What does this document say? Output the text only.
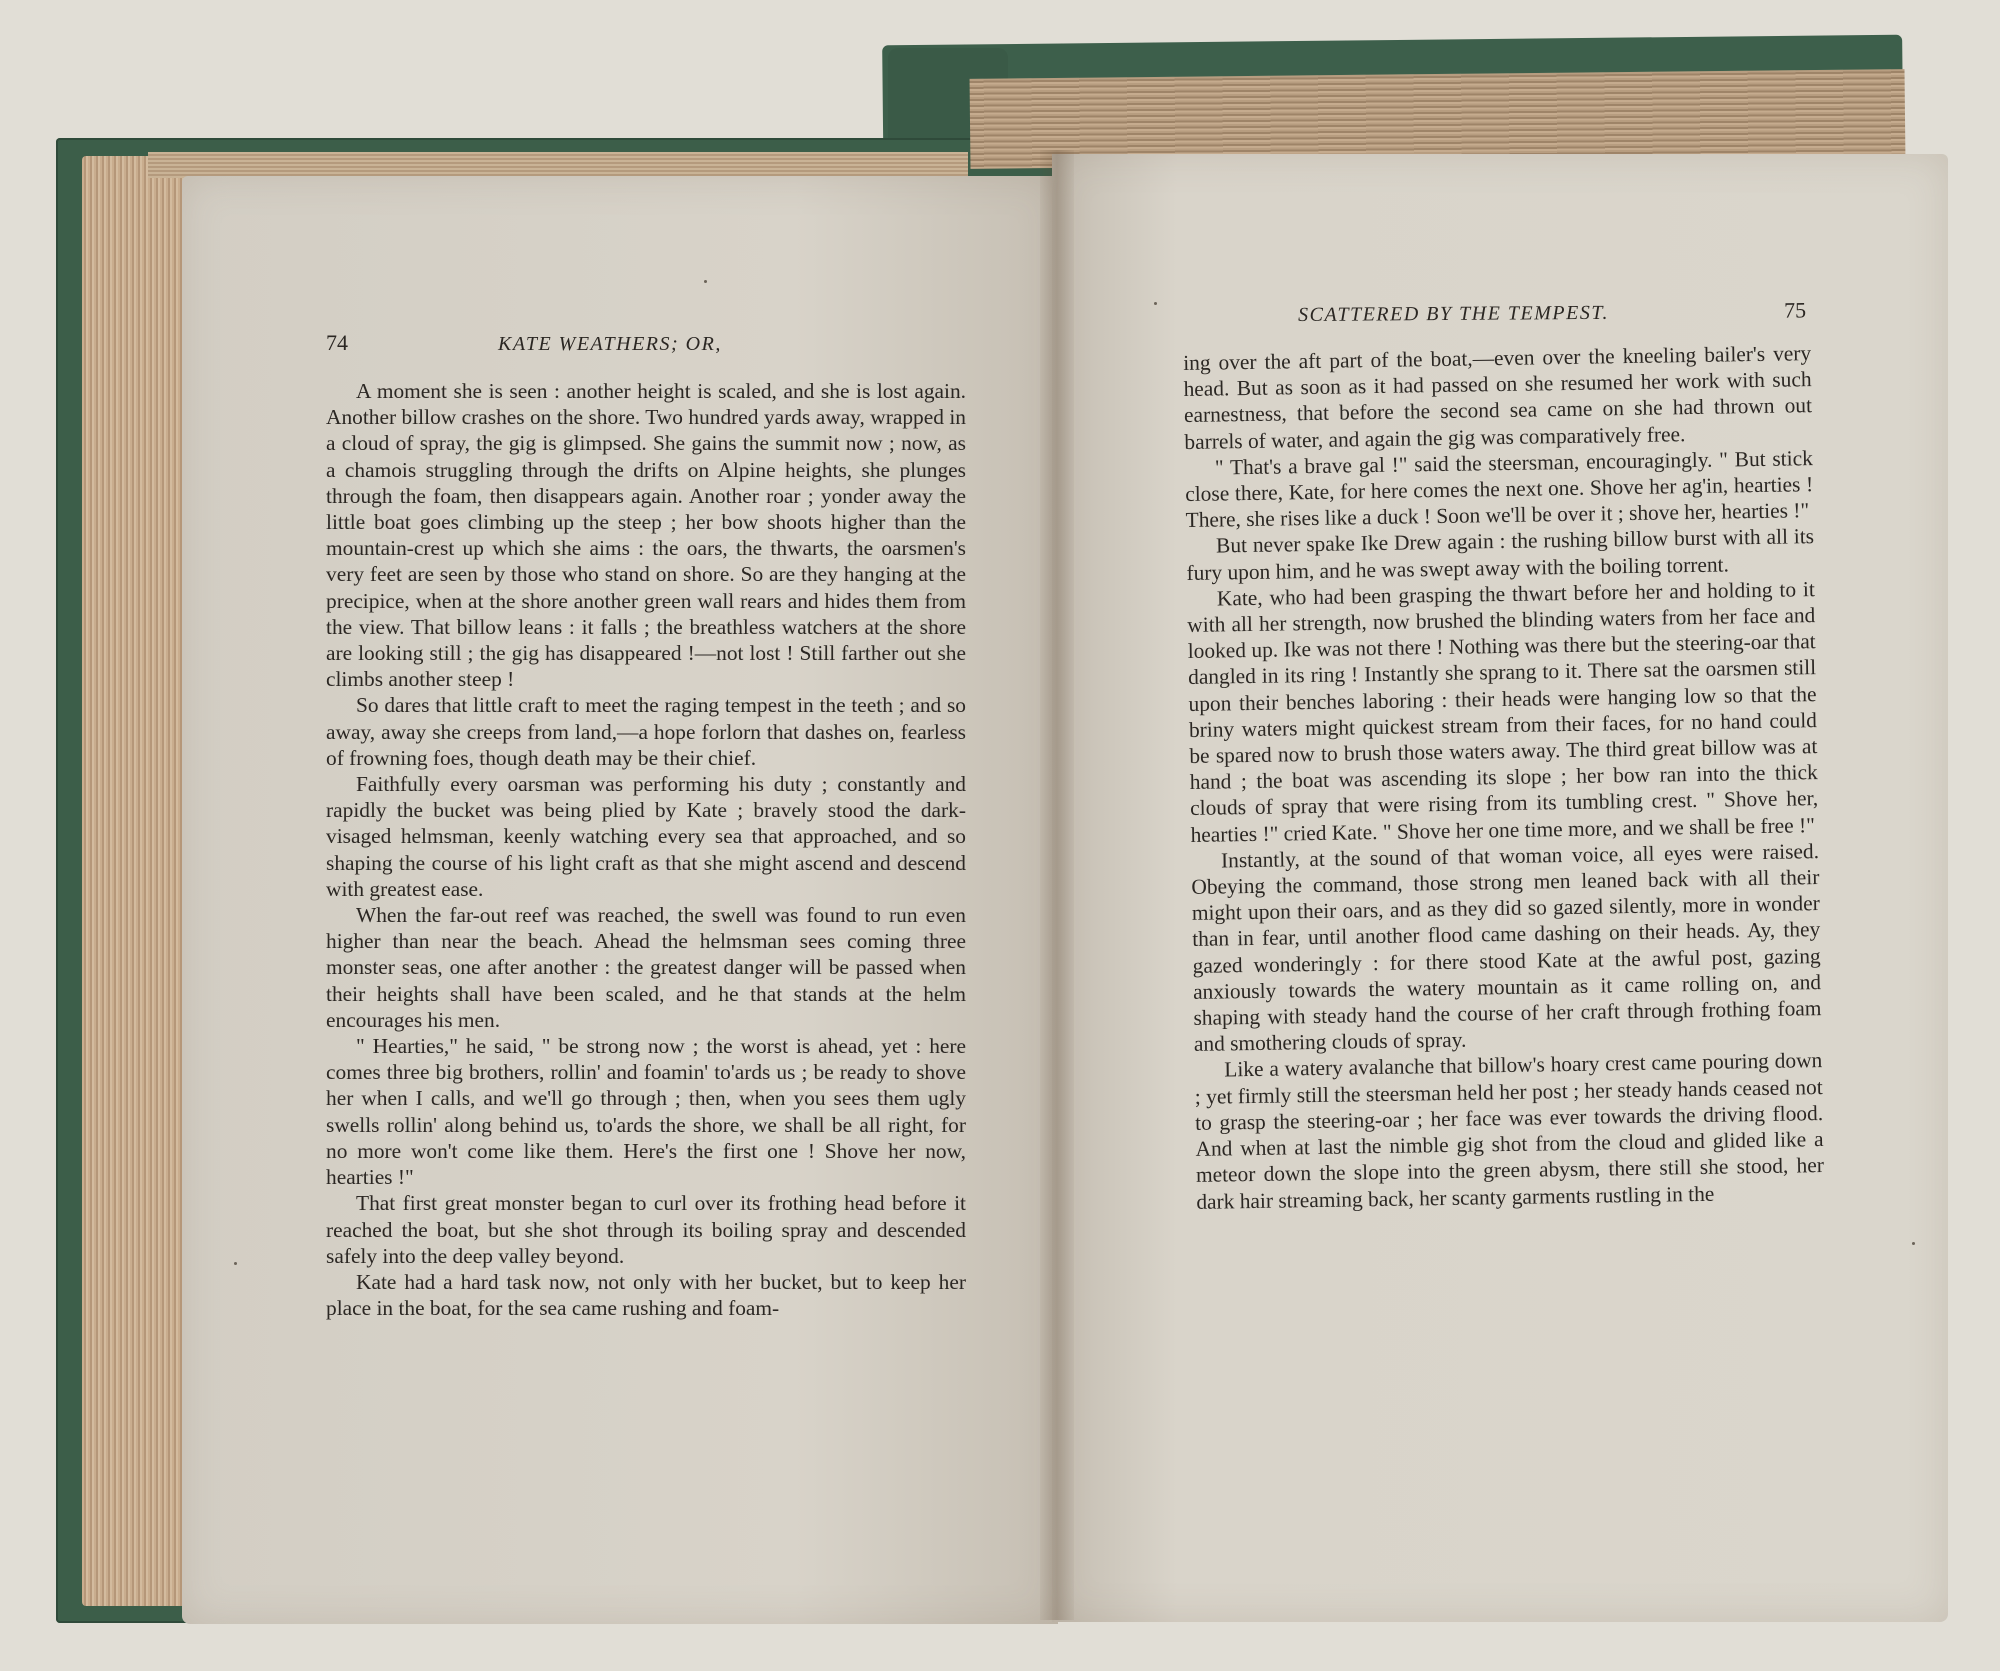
74	KATE WEATHERS; OR,

A moment she is seen : another height is scaled, and she is lost again. Another billow crashes on the shore. Two hundred yards away, wrapped in a cloud of spray, the gig is glimpsed. She gains the summit now ; now, as a chamois struggling through the drifts on Alpine heights, she plunges through the foam, then disappears again. Another roar ; yonder away the little boat goes climbing up the steep ; her bow shoots higher than the mountain-crest up which she aims : the oars, the thwarts, the oarsmen's very feet are seen by those who stand on shore. So are they hanging at the precipice, when at the shore another green wall rears and hides them from the view. That billow leans : it falls ; the breathless watchers at the shore are looking still ; the gig has disappeared !—not lost ! Still farther out she climbs another steep !

So dares that little craft to meet the raging tempest in the teeth ; and so away, away she creeps from land,—a hope forlorn that dashes on, fearless of frowning foes, though death may be their chief.

Faithfully every oarsman was performing his duty ; constantly and rapidly the bucket was being plied by Kate ; bravely stood the dark-visaged helmsman, keenly watching every sea that approached, and so shaping the course of his light craft as that she might ascend and descend with greatest ease.

When the far-out reef was reached, the swell was found to run even higher than near the beach. Ahead the helmsman sees coming three monster seas, one after another : the greatest danger will be passed when their heights shall have been scaled, and he that stands at the helm encourages his men.

" Hearties," he said, " be strong now ; the worst is ahead, yet : here comes three big brothers, rollin' and foamin' to'ards us ; be ready to shove her when I calls, and we'll go through ; then, when you sees them ugly swells rollin' along behind us, to'ards the shore, we shall be all right, for no more won't come like them. Here's the first one ! Shove her now, hearties !"

That first great monster began to curl over its frothing head before it reached the boat, but she shot through its boiling spray and descended safely into the deep valley beyond.

Kate had a hard task now, not only with her bucket, but to keep her place in the boat, for the sea came rushing and foam-

SCATTERED BY THE TEMPEST.	75

ing over the aft part of the boat,—even over the kneeling bailer's very head. But as soon as it had passed on she resumed her work with such earnestness, that before the second sea came on she had thrown out barrels of water, and again the gig was comparatively free.

" That's a brave gal !" said the steersman, encouragingly. " But stick close there, Kate, for here comes the next one. Shove her ag'in, hearties ! There, she rises like a duck ! Soon we'll be over it ; shove her, hearties !"

But never spake Ike Drew again : the rushing billow burst with all its fury upon him, and he was swept away with the boiling torrent.

Kate, who had been grasping the thwart before her and holding to it with all her strength, now brushed the blinding waters from her face and looked up. Ike was not there ! Nothing was there but the steering-oar that dangled in its ring ! Instantly she sprang to it. There sat the oarsmen still upon their benches laboring : their heads were hanging low so that the briny waters might quickest stream from their faces, for no hand could be spared now to brush those waters away. The third great billow was at hand ; the boat was ascending its slope ; her bow ran into the thick clouds of spray that were rising from its tumbling crest. " Shove her, hearties !" cried Kate. " Shove her one time more, and we shall be free !"

Instantly, at the sound of that woman voice, all eyes were raised. Obeying the command, those strong men leaned back with all their might upon their oars, and as they did so gazed silently, more in wonder than in fear, until another flood came dashing on their heads. Ay, they gazed wonderingly : for there stood Kate at the awful post, gazing anxiously towards the watery mountain as it came rolling on, and shaping with steady hand the course of her craft through frothing foam and smothering clouds of spray.

Like a watery avalanche that billow's hoary crest came pouring down ; yet firmly still the steersman held her post ; her steady hands ceased not to grasp the steering-oar ; her face was ever towards the driving flood. And when at last the nimble gig shot from the cloud and glided like a meteor down the slope into the green abysm, there still she stood, her dark hair streaming back, her scanty garments rustling in the
